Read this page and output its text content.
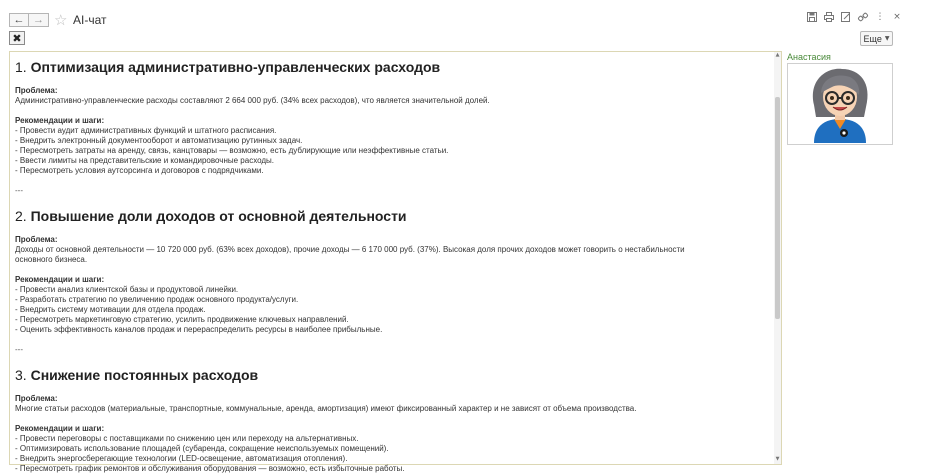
← → ☆ AI-чат	⋮ ×
✖	Еще ▼
1. Оптимизация административно-управленческих расходов
Проблема:
Административно-управленческие расходы составляют 2 664 000 руб. (34% всех расходов), что является значительной долей.
Рекомендации и шаги:
- Провести аудит административных функций и штатного расписания.
- Внедрить электронный документооборот и автоматизацию рутинных задач.
- Пересмотреть затраты на аренду, связь, канцтовары — возможно, есть дублирующие или неэффективные статьи.
- Ввести лимиты на представительские и командировочные расходы.
- Пересмотреть условия аутсорсинга и договоров с подрядчиками.
---
2. Повышение доли доходов от основной деятельности
Проблема:
Доходы от основной деятельности — 10 720 000 руб. (63% всех доходов), прочие доходы — 6 170 000 руб. (37%). Высокая доля прочих доходов может говорить о нестабильности
основного бизнеса.
Рекомендации и шаги:
- Провести анализ клиентской базы и продуктовой линейки.
- Разработать стратегию по увеличению продаж основного продукта/услуги.
- Внедрить систему мотивации для отдела продаж.
- Пересмотреть маркетинговую стратегию, усилить продвижение ключевых направлений.
- Оценить эффективность каналов продаж и перераспределить ресурсы в наиболее прибыльные.
---
3. Снижение постоянных расходов
Проблема:
Многие статьи расходов (материальные, транспортные, коммунальные, аренда, амортизация) имеют фиксированный характер и не зависят от объема производства.
Рекомендации и шаги:
- Провести переговоры с поставщиками по снижению цен или переходу на альтернативных.
- Оптимизировать использование площадей (субаренда, сокращение неиспользуемых помещений).
- Внедрить энергосберегающие технологии (LED-освещение, автоматизация отопления).
- Пересмотреть график ремонтов и обслуживания оборудования — возможно, есть избыточные работы.
▲
▼
Анастасия
